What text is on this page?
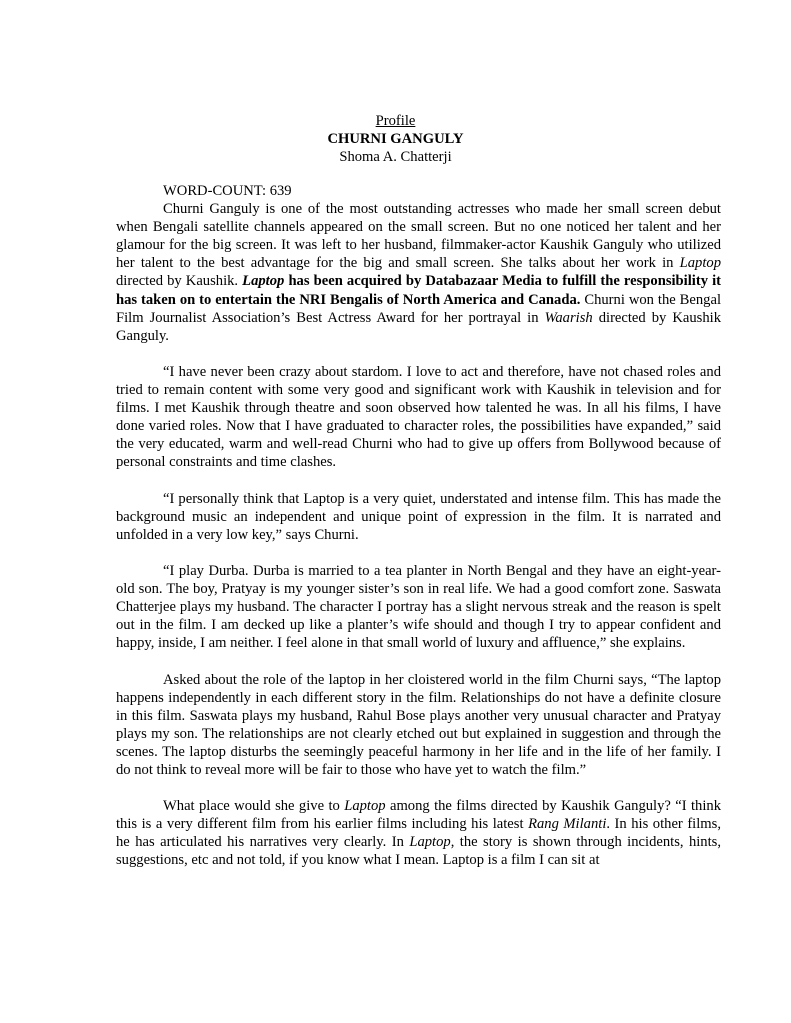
Profile
CHURNI GANGULY
Shoma A. Chatterji
WORD-COUNT: 639

Churni Ganguly is one of the most outstanding actresses who made her small screen debut when Bengali satellite channels appeared on the small screen. But no one noticed her talent and her glamour for the big screen. It was left to her husband, filmmaker-actor Kaushik Ganguly who utilized her talent to the best advantage for the big and small screen. She talks about her work in Laptop directed by Kaushik. Laptop has been acquired by Databazaar Media to fulfill the responsibility it has taken on to entertain the NRI Bengalis of North America and Canada. Churni won the Bengal Film Journalist Association’s Best Actress Award for her portrayal in Waarish directed by Kaushik Ganguly.

“I have never been crazy about stardom. I love to act and therefore, have not chased roles and tried to remain content with some very good and significant work with Kaushik in television and for films. I met Kaushik through theatre and soon observed how talented he was. In all his films, I have done varied roles. Now that I have graduated to character roles, the possibilities have expanded,” said the very educated, warm and well-read Churni who had to give up offers from Bollywood because of personal constraints and time clashes.

“I personally think that Laptop is a very quiet, understated and intense film. This has made the background music an independent and unique point of expression in the film. It is narrated and unfolded in a very low key,” says Churni.

“I play Durba. Durba is married to a tea planter in North Bengal and they have an eight-year-old son. The boy, Pratyay is my younger sister’s son in real life. We had a good comfort zone. Saswata Chatterjee plays my husband. The character I portray has a slight nervous streak and the reason is spelt out in the film. I am decked up like a planter’s wife should and though I try to appear confident and happy, inside, I am neither. I feel alone in that small world of luxury and affluence,” she explains.

Asked about the role of the laptop in her cloistered world in the film Churni says, “The laptop happens independently in each different story in the film. Relationships do not have a definite closure in this film. Saswata plays my husband, Rahul Bose plays another very unusual character and Pratyay plays my son. The relationships are not clearly etched out but explained in suggestion and through the scenes. The laptop disturbs the seemingly peaceful harmony in her life and in the life of her family. I do not think to reveal more will be fair to those who have yet to watch the film.”

What place would she give to Laptop among the films directed by Kaushik Ganguly? “I think this is a very different film from his earlier films including his latest Rang Milanti. In his other films, he has articulated his narratives very clearly. In Laptop, the story is shown through incidents, hints, suggestions, etc and not told, if you know what I mean. Laptop is a film I can sit at
